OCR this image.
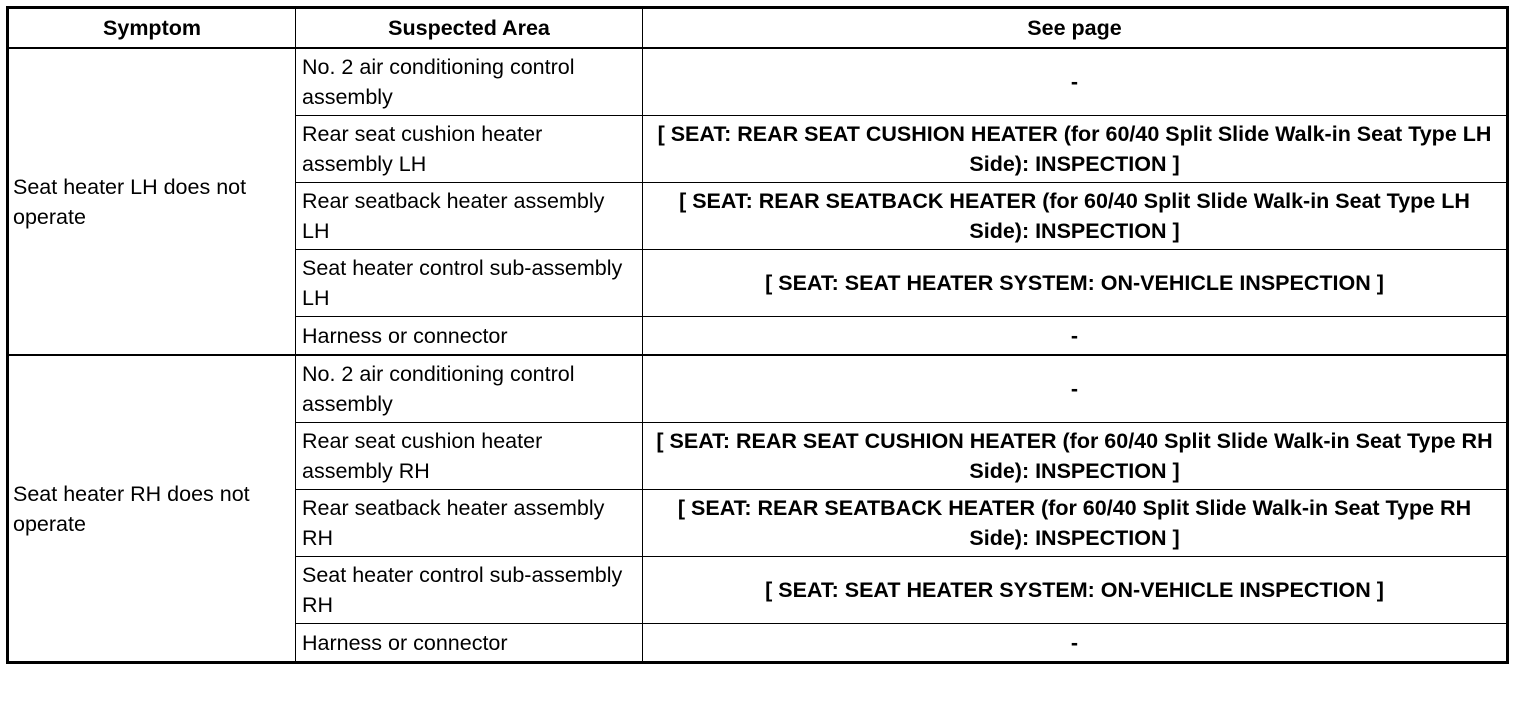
Symptom	Suspected Area	See page
Seat heater LH does not operate	No. 2 air conditioning control assembly	-
	Rear seat cushion heater assembly LH	[ SEAT: REAR SEAT CUSHION HEATER (for 60/40 Split Slide Walk-in Seat Type LH Side): INSPECTION ]
	Rear seatback heater assembly LH	[ SEAT: REAR SEATBACK HEATER (for 60/40 Split Slide Walk-in Seat Type LH Side): INSPECTION ]
	Seat heater control sub-assembly LH	[ SEAT: SEAT HEATER SYSTEM: ON-VEHICLE INSPECTION ]
	Harness or connector	-
Seat heater RH does not operate	No. 2 air conditioning control assembly	-
	Rear seat cushion heater assembly RH	[ SEAT: REAR SEAT CUSHION HEATER (for 60/40 Split Slide Walk-in Seat Type RH Side): INSPECTION ]
	Rear seatback heater assembly RH	[ SEAT: REAR SEATBACK HEATER (for 60/40 Split Slide Walk-in Seat Type RH Side): INSPECTION ]
	Seat heater control sub-assembly RH	[ SEAT: SEAT HEATER SYSTEM: ON-VEHICLE INSPECTION ]
	Harness or connector	-
